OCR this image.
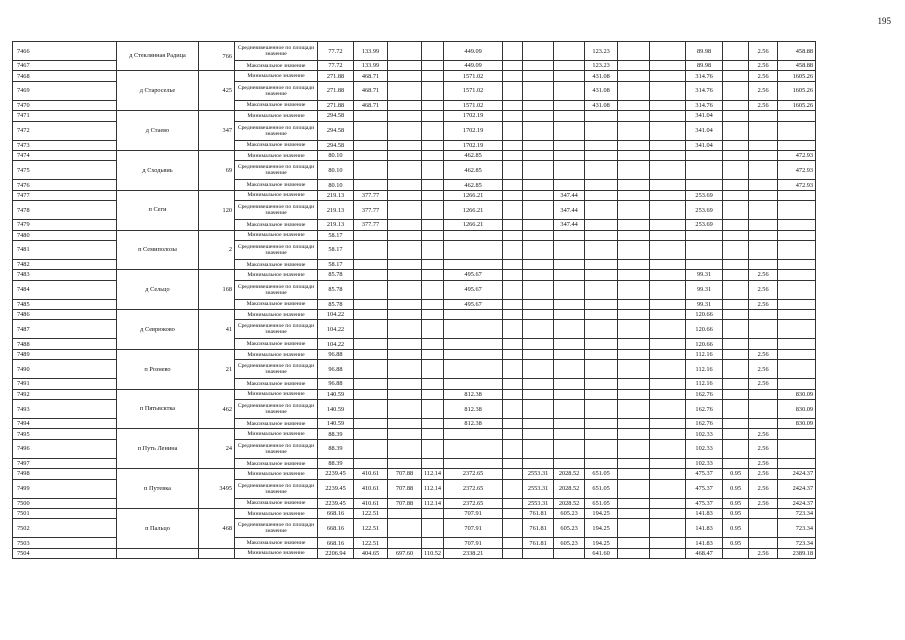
195
7466	д Стеклянная Радица	766	Средневзвешенное по площади значение	77.72	133.99			449.09				123.23			89.98		2.56	458.88
7467			Максимальное значение	77.72	133.99			449.09				123.23			89.98		2.56	458.88
7468	д Староселье	425	Минимальное значение	271.88	468.71			1571.02				431.08			314.76		2.56	1605.26
7469			Средневзвешенное по площади значение	271.88	468.71			1571.02				431.08			314.76		2.56	1605.26
7470			Максимальное значение	271.88	468.71			1571.02				431.08			314.76		2.56	1605.26
7471	д Стаево	347	Минимальное значение	294.58				1702.19							341.04			
7472			Средневзвешенное по площади значение	294.58				1702.19							341.04			
7473			Максимальное значение	294.58				1702.19							341.04			
7474	д Сходьвиь	69	Минимальное значение	80.10				462.85										472.93
7475			Средневзвешенное по площади значение	80.10				462.85										472.93
7476			Максимальное значение	80.10				462.85										472.93
7477	п Сеги	120	Минимальное значение	219.13	377.77			1266.21			347.44				253.69			
7478			Средневзвешенное по площади значение	219.13	377.77			1266.21			347.44				253.69			
7479			Максимальное значение	219.13	377.77			1266.21			347.44				253.69			
7480	п Семиполозы	2	Минимальное значение	58.17														
7481			Средневзвешенное по площади значение	58.17														
7482			Максимальное значение	58.17														
7483	д Сельцо	168	Минимальное значение	85.78				495.67							99.31		2.56	
7484			Средневзвешенное по площади значение	85.78				495.67							99.31		2.56	
7485			Максимальное значение	85.78				495.67							99.31		2.56	
7486	д Севрюково	41	Минимальное значение	104.22											120.66			
7487			Средневзвешенное по площади значение	104.22											120.66			
7488			Максимальное значение	104.22											120.66			
7489	п Рознево	21	Минимальное значение	96.88											112.16		2.56	
7490			Средневзвешенное по площади значение	96.88											112.16		2.56	
7491			Максимальное значение	96.88											112.16		2.56	
7492	п Пятьвсктка	462	Минимальное значение	140.59				812.38							162.76			830.09
7493			Средневзвешенное по площади значение	140.59				812.38							162.76			830.09
7494			Максимальное значение	140.59				812.38							162.76			830.09
7495	п Путь Ленина	24	Минимальное значение	88.39											102.33		2.56	
7496			Средневзвешенное по площади значение	88.39											102.33		2.56	
7497			Максимальное значение	88.39											102.33		2.56	
7498	п Путевка	3495	Минимальное значение	2239.45	410.61	707.88	112.14	2372.65		2553.31	2028.52	651.05			475.37	0.95	2.56	2424.37
7499			Средневзвешенное по площади значение	2239.45	410.61	707.88	112.14	2372.65		2553.31	2028.52	651.05			475.37	0.95	2.56	2424.37
7500			Максимальное значение	2239.45	410.61	707.88	112.14	2372.65		2553.31	2028.52	651.05			475.37	0.95	2.56	2424.37
7501	п Пальцо	468	Минимальное значение	668.16	122.51			707.91		761.81	605.23	194.25			141.83	0.95		723.34
7502			Средневзвешенное по площади значение	668.16	122.51			707.91		761.81	605.23	194.25			141.83	0.95		723.34
7503			Максимальное значение	668.16	122.51			707.91		761.81	605.23	194.25			141.83	0.95		723.34
7504			Минимальное значение	2206.94	404.65	697.60	110.52	2338.21				641.60			468.47		2.56	2389.18
